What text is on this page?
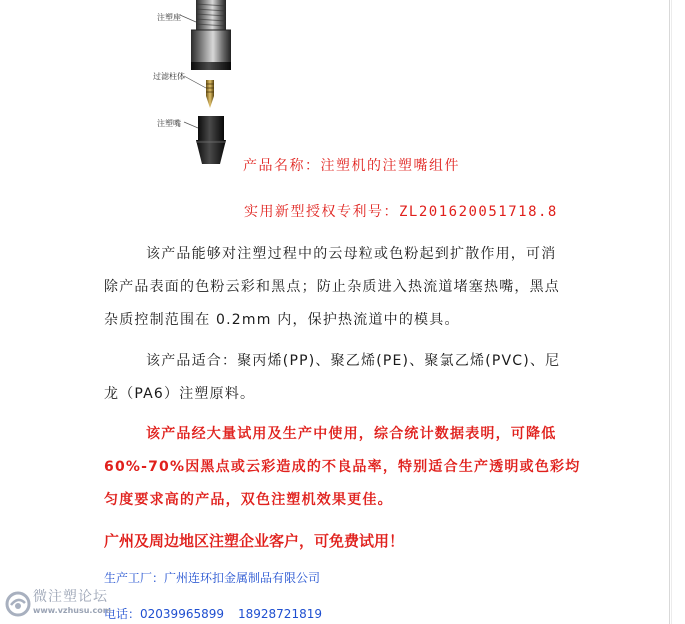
注塑座
过滤柱体
注塑嘴
产品名称：注塑机的注塑嘴组件
实用新型授权专利号：ZL201620051718.8

该产品能够对注塑过程中的云母粒或色粉起到扩散作用，可消

除产品表面的色粉云彩和黑点；防止杂质进入热流道堵塞热嘴，黑点

杂质控制范围在 0.2mm 内，保护热流道中的模具。

该产品适合：聚丙烯(PP)、聚乙烯(PE)、聚氯乙烯(PVC)、尼

龙（PA6）注塑原料。

该产品经大量试用及生产中使用，综合统计数据表明，可降低

60%-70%因黑点或云彩造成的不良品率，特别适合生产透明或色彩均

匀度要求高的产品，双色注塑机效果更佳。

广州及周边地区注塑企业客户，可免费试用！
生产工厂：广州连环扣金属制品有限公司
电话：02039965899 18928721819
微注塑论坛
www.vzhusu.com
